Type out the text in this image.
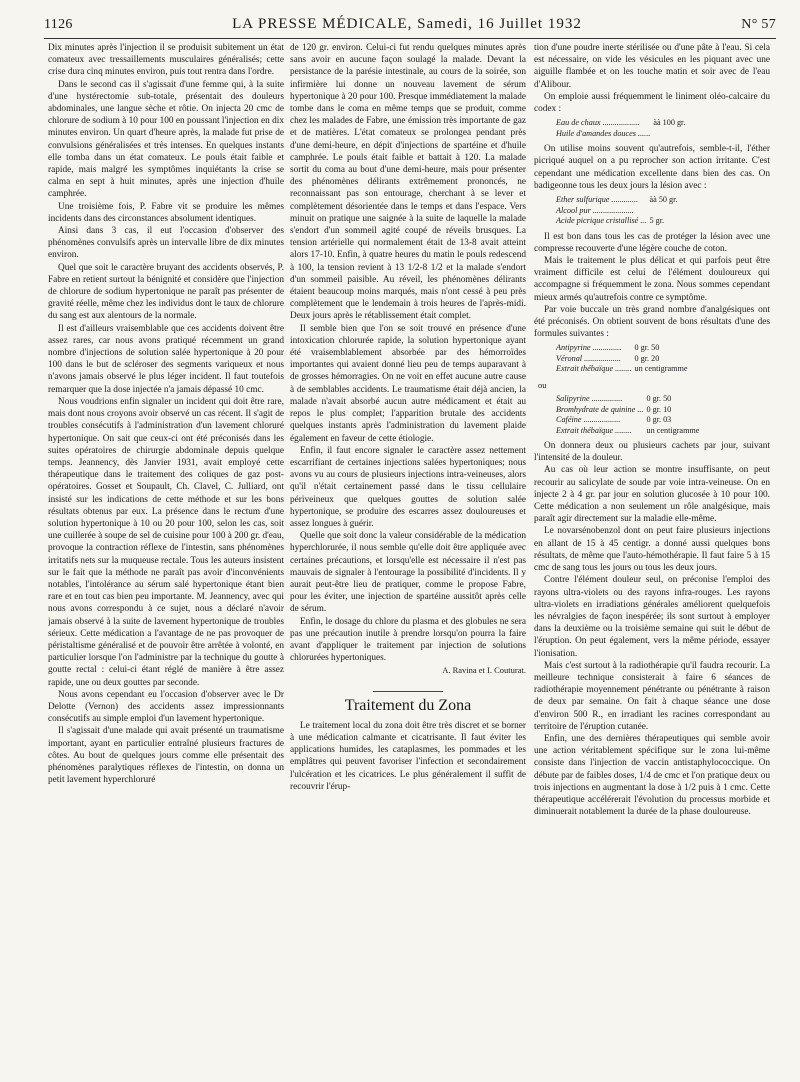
1126	LA PRESSE MÉDICALE, Samedi, 16 Juillet 1932	N° 57

Dix minutes après l'injection il se produisit subitement un état comateux avec tressaillements musculaires généralisés; cette crise dura cinq minutes environ, puis tout rentra dans l'ordre.

Dans le second cas il s'agissait d'une femme qui, à la suite d'une hystérectomie sub-totale, présentait des douleurs abdominales, une langue sèche et rôtie. On injecta 20 cmc de chlorure de sodium à 10 pour 100 en poussant l'injection en dix minutes environ. Un quart d'heure après, la malade fut prise de convulsions généralisées et très intenses. En quelques instants elle tomba dans un état comateux. Le pouls était faible et rapide, mais malgré les symptômes inquiétants la crise se calma en sept à huit minutes, après une injection d'huile camphrée.

Une troisième fois, P. Fabre vit se produire les mêmes incidents dans des circonstances absolument identiques.

Ainsi dans 3 cas, il eut l'occasion d'observer des phénomènes convulsifs après un intervalle libre de dix minutes environ.

Quel que soit le caractère bruyant des accidents observés, P. Fabre en retient surtout la bénignité et considère que l'injection de chlorure de sodium hypertonique ne paraît pas présenter de gravité réelle, même chez les individus dont le taux de chlorure du sang est aux alentours de la normale.

Il est d'ailleurs vraisemblable que ces accidents doivent être assez rares, car nous avons pratiqué récemment un grand nombre d'injections de solution salée hypertonique à 20 pour 100 dans le but de scléroser des segments variqueux et nous n'avons jamais observé le plus léger incident. Il faut toutefois remarquer que la dose injectée n'a jamais dépassé 10 cmc.

Nous voudrions enfin signaler un incident qui doit être rare, mais dont nous croyons avoir observé un cas récent. Il s'agit de troubles consécutifs à l'administration d'un lavement chloruré hypertonique. On sait que ceux-ci ont été préconisés dans les suites opératoires de chirurgie abdominale depuis quelque temps. Jeannency, dès Janvier 1931, avait employé cette thérapeutique dans le traitement des coliques de gaz post-opératoires. Gosset et Soupault, Ch. Clavel, C. Julliard, ont insisté sur les indications de cette méthode et sur les bons résultats obtenus par eux. La présence dans le rectum d'une solution hypertonique à 10 ou 20 pour 100, selon les cas, soit une cuillerée à soupe de sel de cuisine pour 100 à 200 gr. d'eau, provoque la contraction réflexe de l'intestin, sans phénomènes irritatifs nets sur la muqueuse rectale. Tous les auteurs insistent sur le fait que la méthode ne paraît pas avoir d'inconvénients notables, l'intolérance au sérum salé hypertonique étant bien rare et en tout cas bien peu importante. M. Jeannency, avec qui nous avons correspondu à ce sujet, nous a déclaré n'avoir jamais observé à la suite de lavement hypertonique de troubles sérieux. Cette médication a l'avantage de ne pas provoquer de péristaltisme généralisé et de pouvoir être arrêtée à volonté, en particulier lorsque l'on l'administre par la technique du goutte à goutte rectal : celui-ci étant réglé de manière à être assez rapide, une ou deux gouttes par seconde.

Nous avons cependant eu l'occasion d'observer avec le Dr Delotte (Vernon) des accidents assez impressionnants consécutifs au simple emploi d'un lavement hypertonique.

Il s'agissait d'une malade qui avait présenté un traumatisme important, ayant en particulier entraîné plusieurs fractures de côtes. Au bout de quelques jours comme elle présentait des phénomènes paralytiques réflexes de l'intestin, on donna un petit lavement hyperchloruré

de 120 gr. environ. Celui-ci fut rendu quelques minutes après sans avoir en aucune façon soulagé la malade. Devant la persistance de la parésie intestinale, au cours de la soirée, son infirmière lui donne un nouveau lavement de sérum hypertonique à 20 pour 100. Presque immédiatement la malade tombe dans le coma en même temps que se produit, comme chez les malades de Fabre, une émission très importante de gaz et de matières. L'état comateux se prolongea pendant près d'une demi-heure, en dépit d'injections de spartéine et d'huile camphrée. Le pouls était faible et battait à 120. La malade sortit du coma au bout d'une demi-heure, mais pour présenter des phénomènes délirants extrêmement prononcés, ne reconnaissant pas son entourage, cherchant à se lever et complètement désorientée dans le temps et dans l'espace. Vers minuit on pratique une saignée à la suite de laquelle la malade s'endort d'un sommeil agité coupé de réveils brusques. La tension artérielle qui normalement était de 13-8 avait atteint alors 17-10. Enfin, à quatre heures du matin le pouls redescend à 100, la tension revient à 13 1/2-8 1/2 et la malade s'endort d'un sommeil paisible. Au réveil, les phénomènes délirants étaient beaucoup moins marqués, mais n'ont cessé à peu près complètement que le lendemain à trois heures de l'après-midi. Deux jours après le rétablissement était complet.

Il semble bien que l'on se soit trouvé en présence d'une intoxication chlorurée rapide, la solution hypertonique ayant été vraisemblablement absorbée par des hémorroïdes importantes qui avaient donné lieu peu de temps auparavant à de grosses hémorragies. On ne voit en effet aucune autre cause à de semblables accidents. Le traumatisme était déjà ancien, la malade n'avait absorbé aucun autre médicament et était au repos le plus complet; l'apparition brutale des accidents quelques instants après l'administration du lavement plaide également en faveur de cette étiologie.

Enfin, il faut encore signaler le caractère assez nettement escarrifiant de certaines injections salées hypertoniques; nous avons vu au cours de plusieurs injections intra-veineuses, alors qu'il n'était certainement passé dans le tissu cellulaire périveineux que quelques gouttes de solution salée hypertonique, se produire des escarres assez douloureuses et assez longues à guérir.

Quelle que soit donc la valeur considérable de la médication hyperchlorurée, il nous semble qu'elle doit être appliquée avec certaines précautions, et lorsqu'elle est nécessaire il n'est pas mauvais de signaler à l'entourage la possibilité d'incidents. Il y aurait peut-être lieu de pratiquer, comme le propose Fabre, pour les éviter, une injection de spartéine aussitôt après celle de sérum.

Enfin, le dosage du chlore du plasma et des globules ne sera pas une précaution inutile à prendre lorsqu'on pourra la faire avant d'appliquer le traitement par injection de solutions chlorurées hypertoniques.

A. Ravina et I. Couturat.

Traitement du Zona

Le traitement local du zona doit être très discret et se borner à une médication calmante et cicatrisante. Il faut éviter les applications humides, les cataplasmes, les pommades et les emplâtres qui peuvent favoriser l'infection et secondairement l'ulcération et les cicatrices. Le plus généralement il suffit de recouvrir l'érup-

tion d'une poudre inerte stérilisée ou d'une pâte à l'eau. Si cela est nécessaire, on vide les vésicules en les piquant avec une aiguille flambée et on les touche matin et soir avec de l'eau d'Alibour.

On emploie aussi fréquemment le liniment oléo-calcaire du codex :

Eau de chaux ..................	àà 100 gr.
Huile d'amandes douces ......	

On utilise moins souvent qu'autrefois, semble-t-il, l'éther picriqué auquel on a pu reprocher son action irritante. C'est cependant une médication excellente dans bien des cas. On badigeonne tous les deux jours la lésion avec :

Ether sulfurique .............	àà 50 gr.
Alcool pur ....................	
Acide picrique cristallisé ...	5 gr.

Il est bon dans tous les cas de protéger la lésion avec une compresse recouverte d'une légère couche de coton.

Mais le traitement le plus délicat et qui parfois peut être vraiment difficile est celui de l'élément douloureux qui accompagne si fréquemment le zona. Nous sommes cependant mieux armés qu'autrefois contre ce symptôme.

Par voie buccale un très grand nombre d'analgésiques ont été préconisés. On obtient souvent de bons résultats d'une des formules suivantes :

Antipyrine ..............	0 gr. 50
Véronal ..................	0 gr. 20
Extrait thébaïque ........	un centigramme
ou
Salipyrine ...............	0 gr. 50
Bromhydrate de quinine ...	0 gr. 10
Caféine ..................	0 gr. 03
Extrait thébaïque ........	un centigramme

On donnera deux ou plusieurs cachets par jour, suivant l'intensité de la douleur.

Au cas où leur action se montre insuffisante, on peut recourir au salicylate de soude par voie intra-veineuse. On en injecte 2 à 4 gr. par jour en solution glucosée à 10 pour 100. Cette médication a non seulement un rôle analgésique, mais paraît agir directement sur la maladie elle-même.

Le novarsénobenzol dont on peut faire plusieurs injections en allant de 15 à 45 centigr. a donné aussi quelques bons résultats, de même que l'auto-hémothérapie. Il faut faire 5 à 15 cmc de sang tous les jours ou tous les deux jours.

Contre l'élément douleur seul, on préconise l'emploi des rayons ultra-violets ou des rayons infra-rouges. Les rayons ultra-violets en irradiations générales améliorent quelquefois les névralgies de façon inespérée; ils sont surtout à employer dans la deuxième ou la troisième semaine qui suit le début de l'éruption. On peut également, vers la même période, essayer l'ionisation.

Mais c'est surtout à la radiothérapie qu'il faudra recourir. La meilleure technique consisterait à faire 6 séances de radiothérapie moyennement pénétrante ou pénétrante à raison de deux par semaine. On fait à chaque séance une dose d'environ 500 R., en irradiant les racines correspondant au territoire de l'éruption cutanée.

Enfin, une des dernières thérapeutiques qui semble avoir une action véritablement spécifique sur le zona lui-même consiste dans l'injection de vaccin antistaphylococcique. On débute par de faibles doses, 1/4 de cmc et l'on pratique deux ou trois injections en augmentant la dose à 1/2 puis à 1 cmc. Cette thérapeutique accélérerait l'évolution du processus morbide et diminuerait notablement la durée de la phase douloureuse.
